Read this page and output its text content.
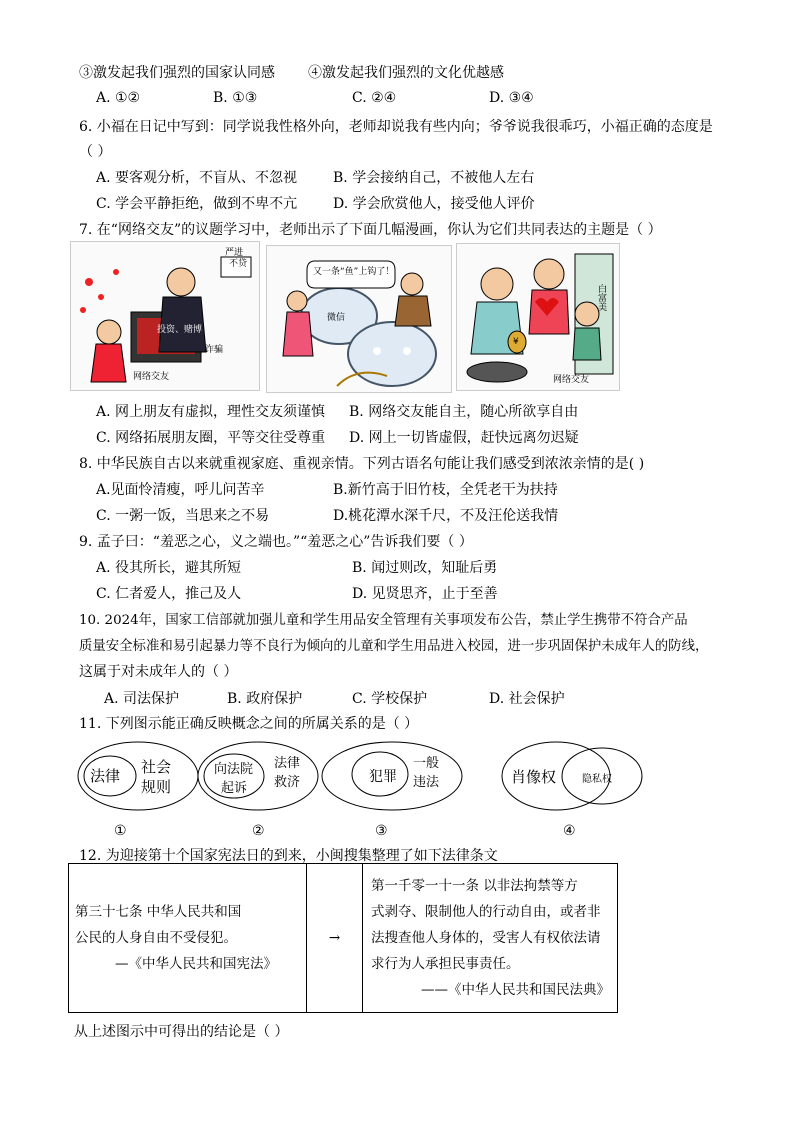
③激发起我们强烈的国家认同感 ④激发起我们强烈的文化优越感
A. ①②	B. ①③	C. ②④	D. ③④
6. 小福在日记中写到：同学说我性格外向，老师却说我有些内向；爷爷说我很乖巧，小福正确的态度是
（ ）
A. 要客观分析，不盲从、不忽视	B. 学会接纳自己，不被他人左右
C. 学会平静拒绝，做到不卑不亢	D. 学会欣赏他人，接受他人评价
7. 在“网络交友”的议题学习中，老师出示了下面几幅漫画，你认为它们共同表达的主题是（ ）
严进
不贷
投资、赌博
诈骗
网络交友
又一条“鱼”上钩了！
微信
白富美
¥
网络交友
A. 网上朋友有虚拟，理性交友须谨慎 B. 网络交友能自主，随心所欲享自由
C. 网络拓展朋友圈，平等交往受尊重 D. 网上一切皆虚假，赶快远离勿迟疑
8. 中华民族自古以来就重视家庭、重视亲情。下列古语名句能让我们感受到浓浓亲情的是( )
A.见面怜清瘦，呼儿问苦辛	B.新竹高于旧竹枝，全凭老干为扶持
C. 一粥一饭，当思来之不易	D.桃花潭水深千尺，不及汪伦送我情
9. 孟子曰：“羞恶之心，义之端也。”“羞恶之心”告诉我们要（ ）
A. 役其所长，避其所短	B. 闻过则改，知耻后勇
C. 仁者爱人，推己及人	D. 见贤思齐，止于至善
10. 2024年，国家工信部就加强儿童和学生用品安全管理有关事项发布公告，禁止学生携带不符合产品
质量安全标准和易引起暴力等不良行为倾向的儿童和学生用品进入校园，进一步巩固保护未成年人的防线，
这属于对未成年人的（ ）
A. 司法保护	B. 政府保护	C. 学校保护	D. 社会保护
11. 下列图示能正确反映概念之间的所属关系的是（ ）
法律 社会
规则
向法院
起诉
法律
救济	犯罪
一般
违法	肖像权	隐私权
①	②	③	④
12. 为迎接第十个国家宪法日的到来，小闽搜集整理了如下法律条文
第三十七条 中华人民共和国
公民的人身自由不受侵犯。
—《中华人民共和国宪法》
	→	
第一千零一十一条 以非法拘禁等方
式剥夺、限制他人的行动自由，或者非
法搜查他人身体的，受害人有权依法请
求行为人承担民事责任。
——《中华人民共和国民法典》
从上述图示中可得出的结论是（ ）
